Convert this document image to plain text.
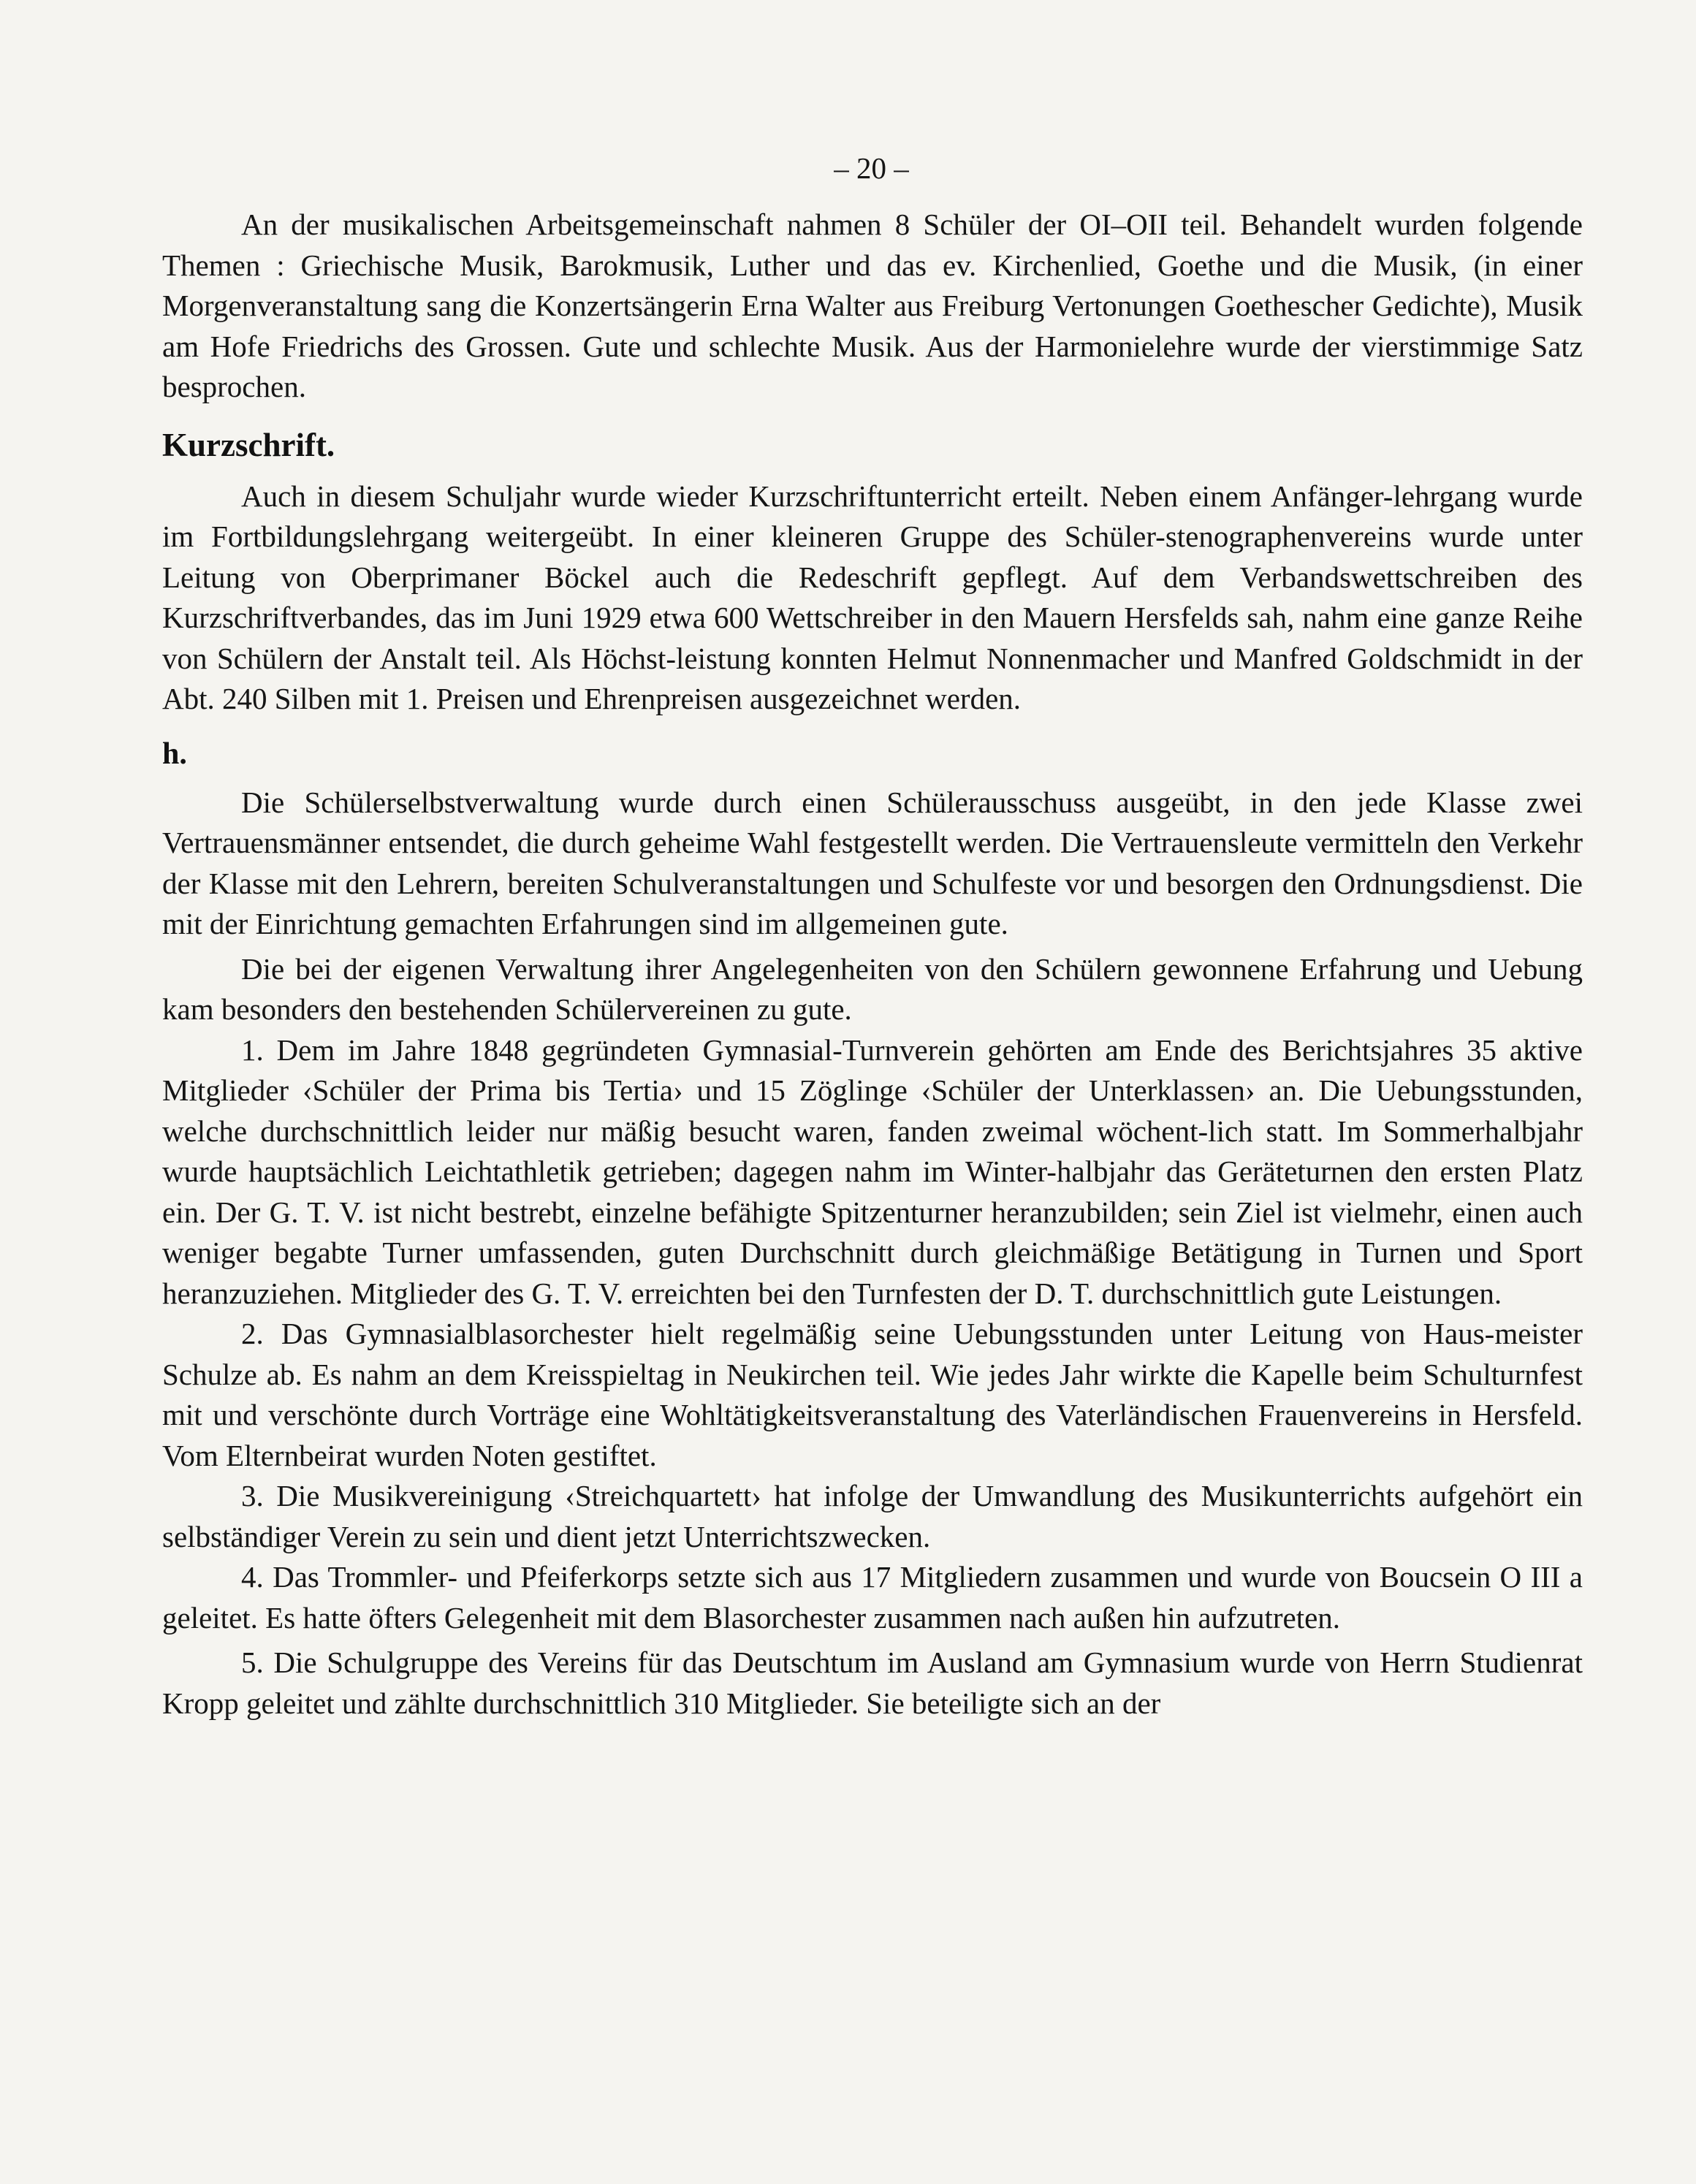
– 20 –

An der musikalischen Arbeitsgemeinschaft nahmen 8 Schüler der OI–OII teil. Behandelt wurden folgende Themen : Griechische Musik, Barokmusik, Luther und das ev. Kirchenlied, Goethe und die Musik, (in einer Morgenveranstaltung sang die Konzertsängerin Erna Walter aus Freiburg Vertonungen Goethescher Gedichte), Musik am Hofe Friedrichs des Grossen. Gute und schlechte Musik. Aus der Harmonielehre wurde der vierstimmige Satz besprochen.

Kurzschrift.

Auch in diesem Schuljahr wurde wieder Kurzschriftunterricht erteilt. Neben einem Anfänger-lehrgang wurde im Fortbildungslehrgang weitergeübt. In einer kleineren Gruppe des Schüler-stenographenvereins wurde unter Leitung von Oberprimaner Böckel auch die Redeschrift gepflegt. Auf dem Verbandswettschreiben des Kurzschriftverbandes, das im Juni 1929 etwa 600 Wettschreiber in den Mauern Hersfelds sah, nahm eine ganze Reihe von Schülern der Anstalt teil. Als Höchst-leistung konnten Helmut Nonnenmacher und Manfred Goldschmidt in der Abt. 240 Silben mit 1. Preisen und Ehrenpreisen ausgezeichnet werden.

h.

Die Schülerselbstverwaltung wurde durch einen Schülerausschuss ausgeübt, in den jede Klasse zwei Vertrauensmänner entsendet, die durch geheime Wahl festgestellt werden. Die Vertrauensleute vermitteln den Verkehr der Klasse mit den Lehrern, bereiten Schulveranstaltungen und Schulfeste vor und besorgen den Ordnungsdienst. Die mit der Einrichtung gemachten Erfahrungen sind im allgemeinen gute.

Die bei der eigenen Verwaltung ihrer Angelegenheiten von den Schülern gewonnene Erfahrung und Uebung kam besonders den bestehenden Schülervereinen zu gute.

1. Dem im Jahre 1848 gegründeten Gymnasial-Turnverein gehörten am Ende des Berichtsjahres 35 aktive Mitglieder ‹Schüler der Prima bis Tertia› und 15 Zöglinge ‹Schüler der Unterklassen› an. Die Uebungsstunden, welche durchschnittlich leider nur mäßig besucht waren, fanden zweimal wöchent-lich statt. Im Sommerhalbjahr wurde hauptsächlich Leichtathletik getrieben; dagegen nahm im Winter-halbjahr das Geräteturnen den ersten Platz ein. Der G. T. V. ist nicht bestrebt, einzelne befähigte Spitzenturner heranzubilden; sein Ziel ist vielmehr, einen auch weniger begabte Turner umfassenden, guten Durchschnitt durch gleichmäßige Betätigung in Turnen und Sport heranzuziehen. Mitglieder des G. T. V. erreichten bei den Turnfesten der D. T. durchschnittlich gute Leistungen.

2. Das Gymnasialblasorchester hielt regelmäßig seine Uebungsstunden unter Leitung von Haus-meister Schulze ab. Es nahm an dem Kreisspieltag in Neukirchen teil. Wie jedes Jahr wirkte die Kapelle beim Schulturnfest mit und verschönte durch Vorträge eine Wohltätigkeitsveranstaltung des Vaterländischen Frauenvereins in Hersfeld. Vom Elternbeirat wurden Noten gestiftet.

3. Die Musikvereinigung ‹Streichquartett› hat infolge der Umwandlung des Musikunterrichts aufgehört ein selbständiger Verein zu sein und dient jetzt Unterrichtszwecken.

4. Das Trommler- und Pfeiferkorps setzte sich aus 17 Mitgliedern zusammen und wurde von Boucsein O III a geleitet. Es hatte öfters Gelegenheit mit dem Blasorchester zusammen nach außen hin aufzutreten.

5. Die Schulgruppe des Vereins für das Deutschtum im Ausland am Gymnasium wurde von Herrn Studienrat Kropp geleitet und zählte durchschnittlich 310 Mitglieder. Sie beteiligte sich an der
